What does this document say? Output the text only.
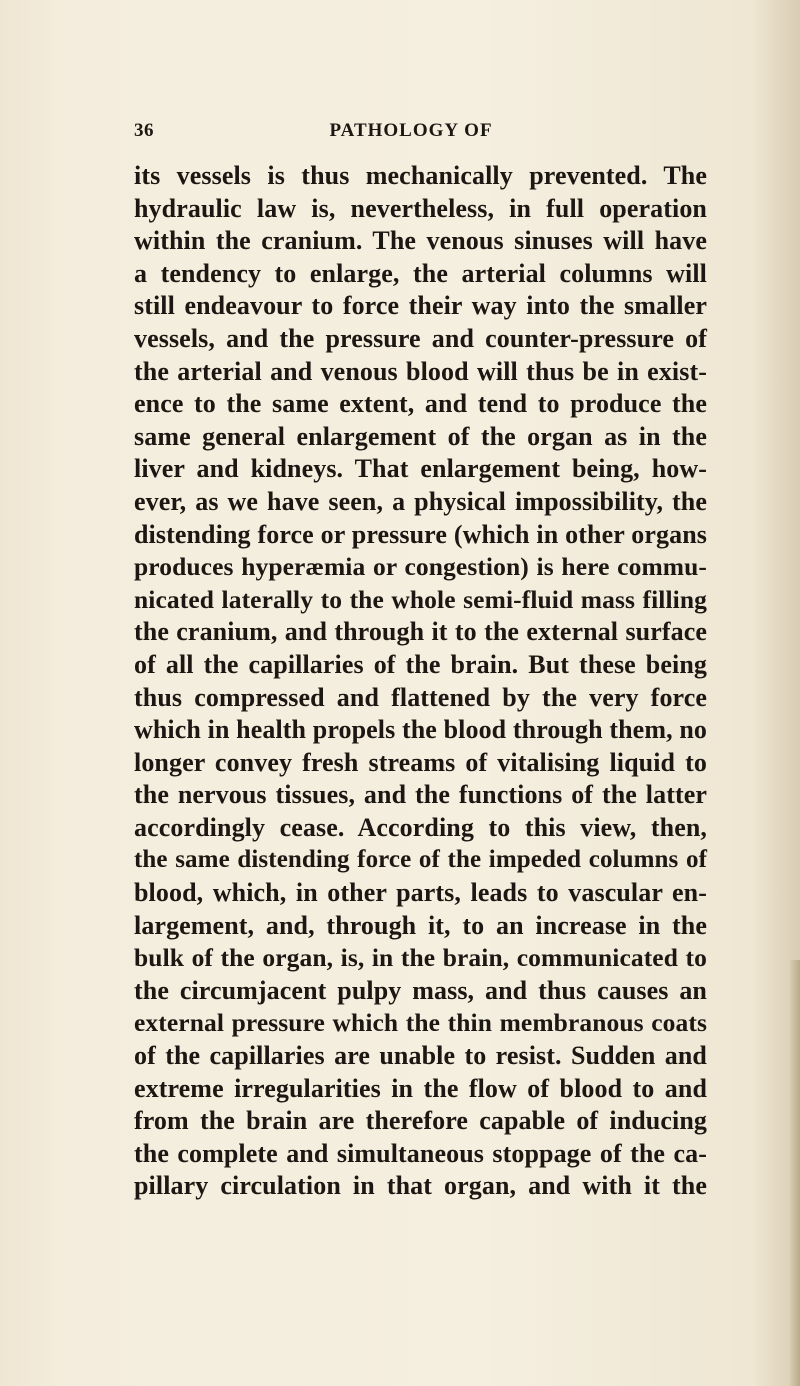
36	PATHOLOGY OF
its vessels is thus mechanically prevented. The
hydraulic law is, nevertheless, in full operation
within the cranium. The venous sinuses will have
a tendency to enlarge, the arterial columns will
still endeavour to force their way into the smaller
vessels, and the pressure and counter-pressure of
the arterial and venous blood will thus be in exist-
ence to the same extent, and tend to produce the
same general enlargement of the organ as in the
liver and kidneys. That enlargement being, how-
ever, as we have seen, a physical impossibility, the
distending force or pressure (which in other organs
produces hyperæmia or congestion) is here commu-
nicated laterally to the whole semi-fluid mass filling
the cranium, and through it to the external surface
of all the capillaries of the brain. But these being
thus compressed and flattened by the very force
which in health propels the blood through them, no
longer convey fresh streams of vitalising liquid to
the nervous tissues, and the functions of the latter
accordingly cease. According to this view, then,
the same distending force of the impeded columns of
blood, which, in other parts, leads to vascular en-
largement, and, through it, to an increase in the
bulk of the organ, is, in the brain, communicated to
the circumjacent pulpy mass, and thus causes an
external pressure which the thin membranous coats
of the capillaries are unable to resist. Sudden and
extreme irregularities in the flow of blood to and
from the brain are therefore capable of inducing
the complete and simultaneous stoppage of the ca-
pillary circulation in that organ, and with it the
